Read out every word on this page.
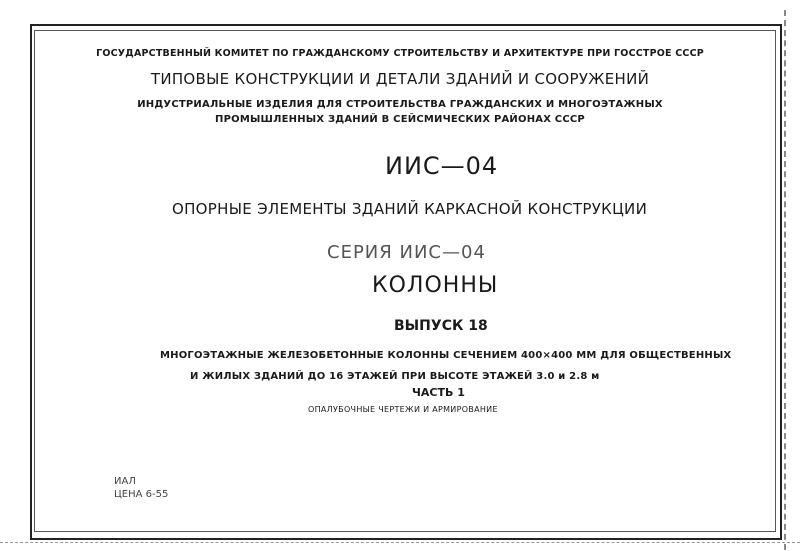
ГОСУДАРСТВЕННЫЙ КОМИТЕТ ПО ГРАЖДАНСКОМУ СТРОИТЕЛЬСТВУ И АРХИТЕКТУРЕ ПРИ ГОССТРОЕ СССР
ТИПОВЫЕ КОНСТРУКЦИИ И ДЕТАЛИ ЗДАНИЙ И СООРУЖЕНИЙ
ИНДУСТРИАЛЬНЫЕ ИЗДЕЛИЯ ДЛЯ СТРОИТЕЛЬСТВА ГРАЖДАНСКИХ И МНОГОЭТАЖНЫХ
ПРОМЫШЛЕННЫХ ЗДАНИЙ В СЕЙСМИЧЕСКИХ РАЙОНАХ СССР
ИИС—04
ОПОРНЫЕ ЭЛЕМЕНТЫ ЗДАНИЙ КАРКАСНОЙ КОНСТРУКЦИИ
СЕРИЯ ИИС—04
КОЛОННЫ
ВЫПУСК 18
МНОГОЭТАЖНЫЕ ЖЕЛЕЗОБЕТОННЫЕ КОЛОННЫ СЕЧЕНИЕМ 400×400 ММ ДЛЯ ОБЩЕСТВЕННЫХ
И ЖИЛЫХ ЗДАНИЙ ДО 16 ЭТАЖЕЙ ПРИ ВЫСОТЕ ЭТАЖЕЙ 3.0 и 2.8 м
ЧАСТЬ 1
ОПАЛУБОЧНЫЕ ЧЕРТЕЖИ И АРМИРОВАНИЕ
ИАЛ
ЦЕНА 6-55
